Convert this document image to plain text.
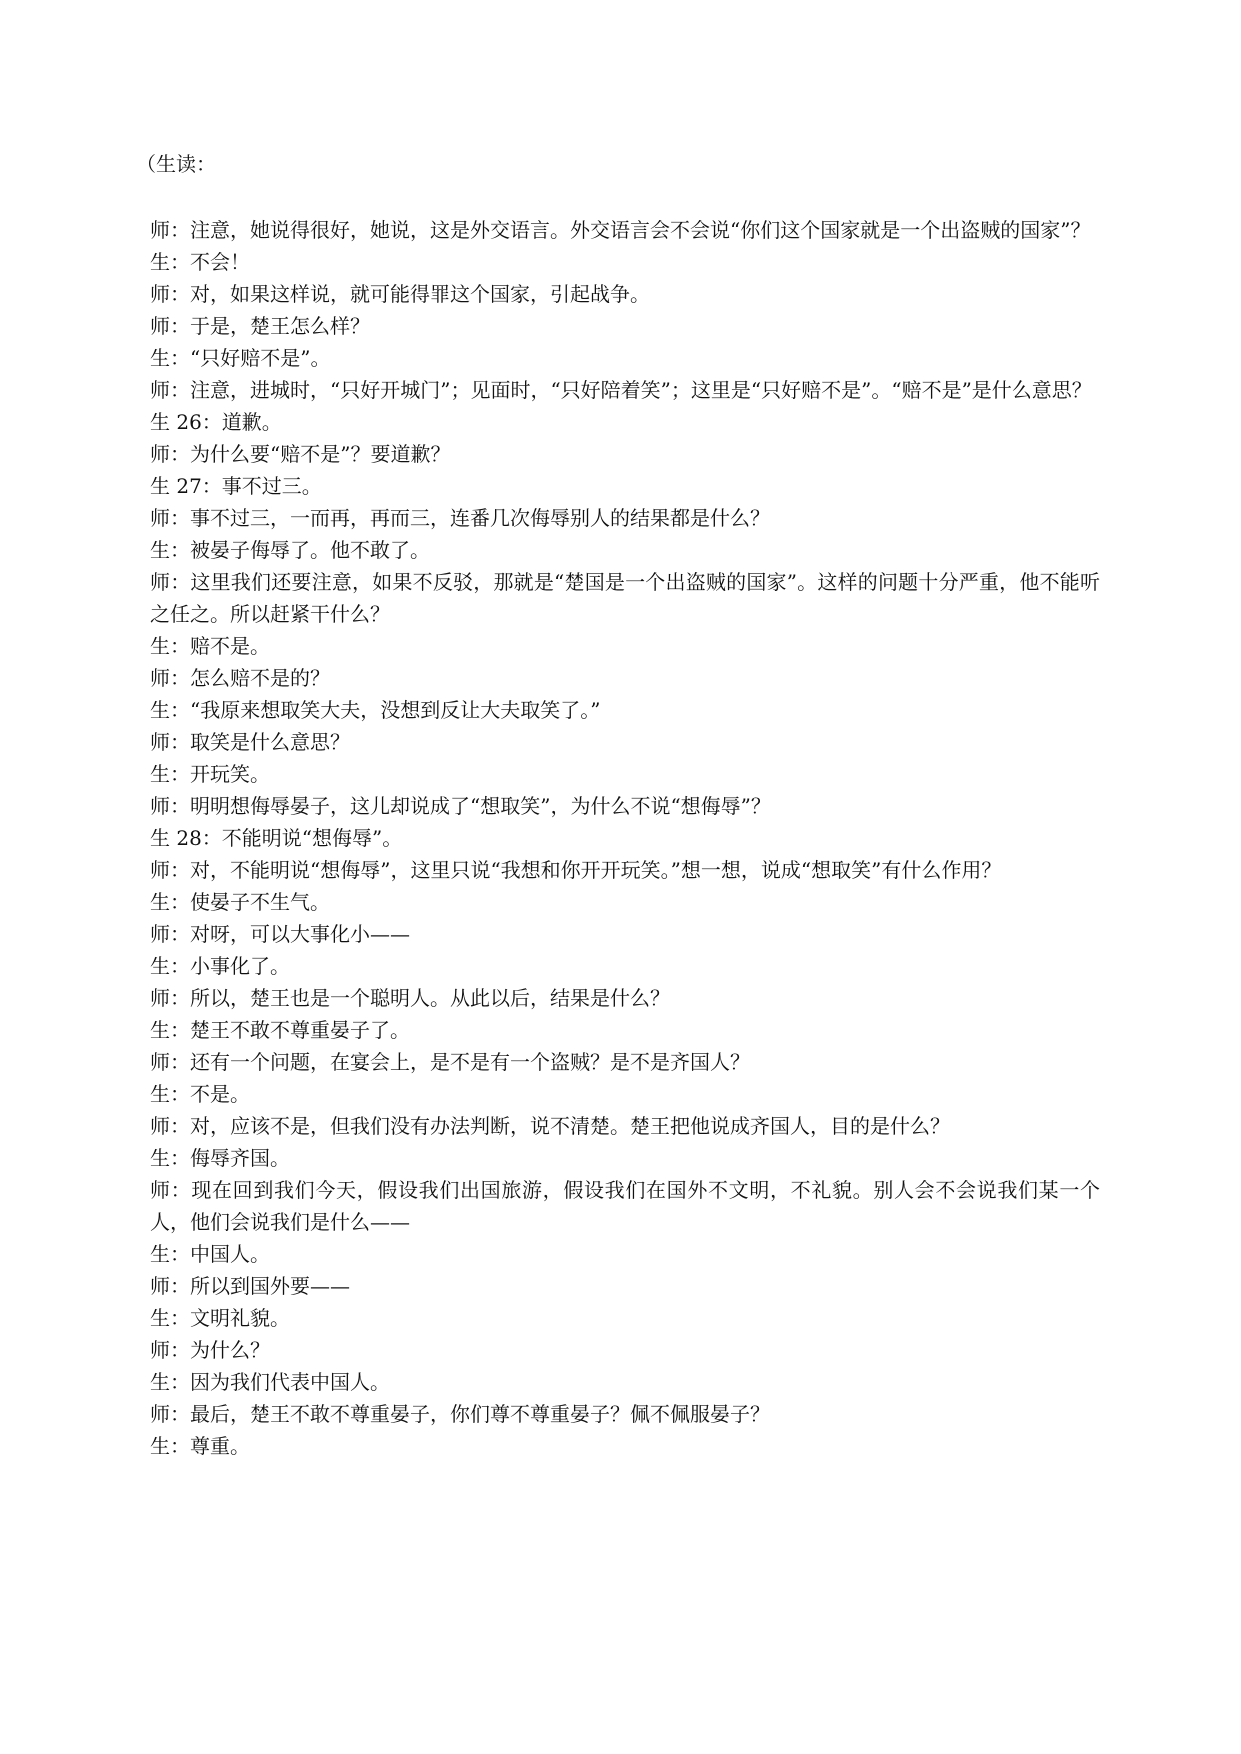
（生读：
师：注意，她说得很好，她说，这是外交语言。外交语言会不会说“你们这个国家就是一个出盗贼的国家”？
生：不会！
师：对，如果这样说，就可能得罪这个国家，引起战争。
师：于是，楚王怎么样？
生：“只好赔不是”。
师：注意，进城时，“只好开城门”；见面时，“只好陪着笑”；这里是“只好赔不是”。“赔不是”是什么意思？
生 26：道歉。
师：为什么要“赔不是”？要道歉？
生 27：事不过三。
师：事不过三，一而再，再而三，连番几次侮辱别人的结果都是什么？
生：被晏子侮辱了。他不敢了。
师：这里我们还要注意，如果不反驳，那就是“楚国是一个出盗贼的国家”。这样的问题十分严重，他不能听之任之。所以赶紧干什么？
生：赔不是。
师：怎么赔不是的？
生：“我原来想取笑大夫，没想到反让大夫取笑了。”
师：取笑是什么意思？
生：开玩笑。
师：明明想侮辱晏子，这儿却说成了“想取笑”，为什么不说“想侮辱”？
生 28：不能明说“想侮辱”。
师：对，不能明说“想侮辱”，这里只说“我想和你开开玩笑。”想一想，说成“想取笑”有什么作用？
生：使晏子不生气。
师：对呀，可以大事化小——
生：小事化了。
师：所以，楚王也是一个聪明人。从此以后，结果是什么？
生：楚王不敢不尊重晏子了。
师：还有一个问题，在宴会上，是不是有一个盗贼？是不是齐国人？
生：不是。
师：对，应该不是，但我们没有办法判断，说不清楚。楚王把他说成齐国人，目的是什么？
生：侮辱齐国。
师：现在回到我们今天，假设我们出国旅游，假设我们在国外不文明，不礼貌。别人会不会说我们某一个人，他们会说我们是什么——
生：中国人。
师：所以到国外要——
生：文明礼貌。
师：为什么？
生：因为我们代表中国人。
师：最后，楚王不敢不尊重晏子，你们尊不尊重晏子？佩不佩服晏子？
生：尊重。
